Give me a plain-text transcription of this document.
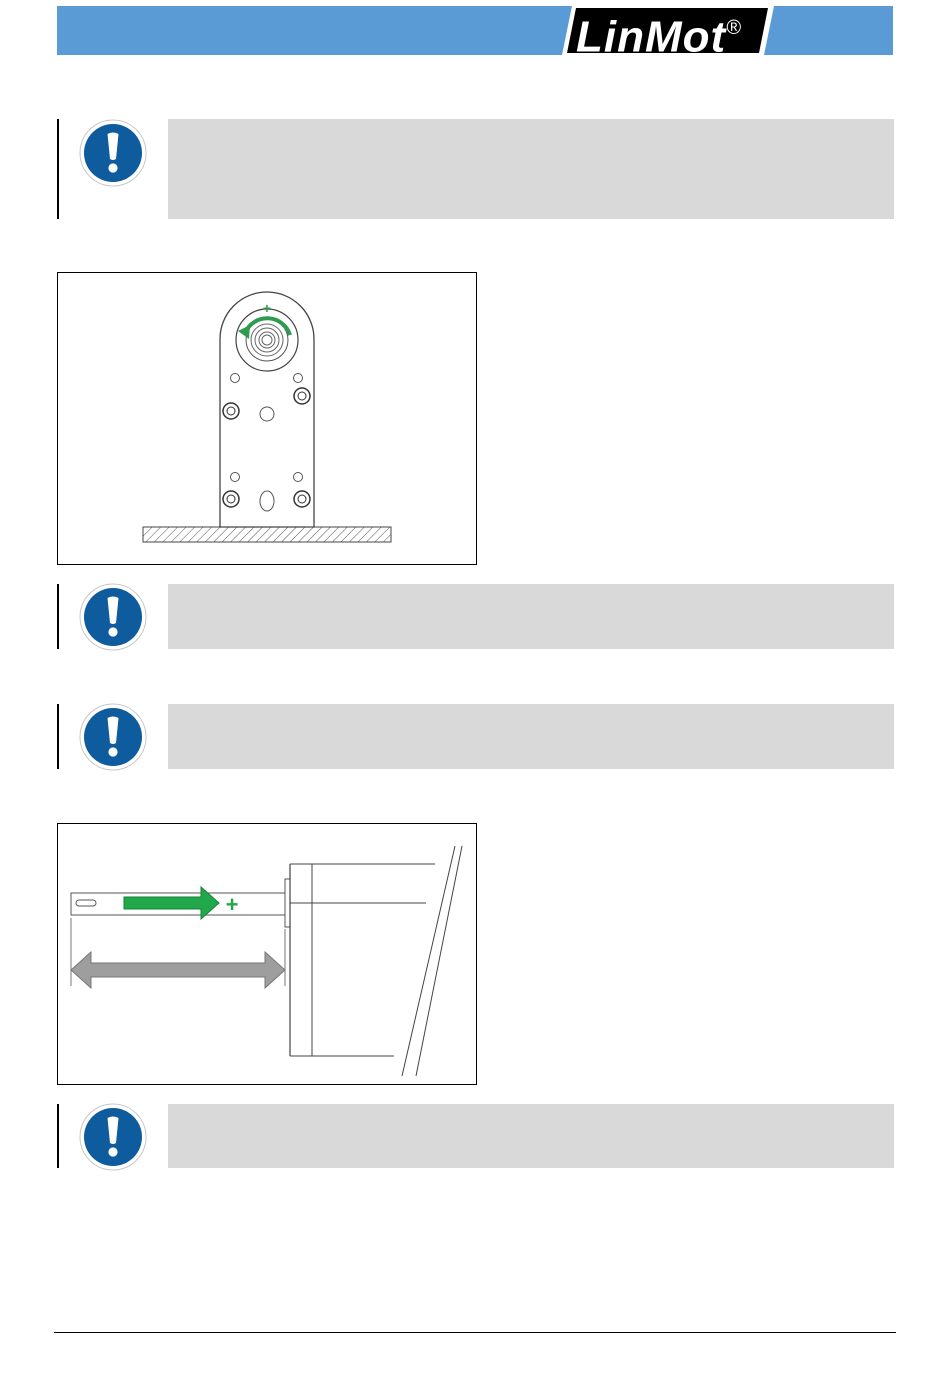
LinMot®
+
+
